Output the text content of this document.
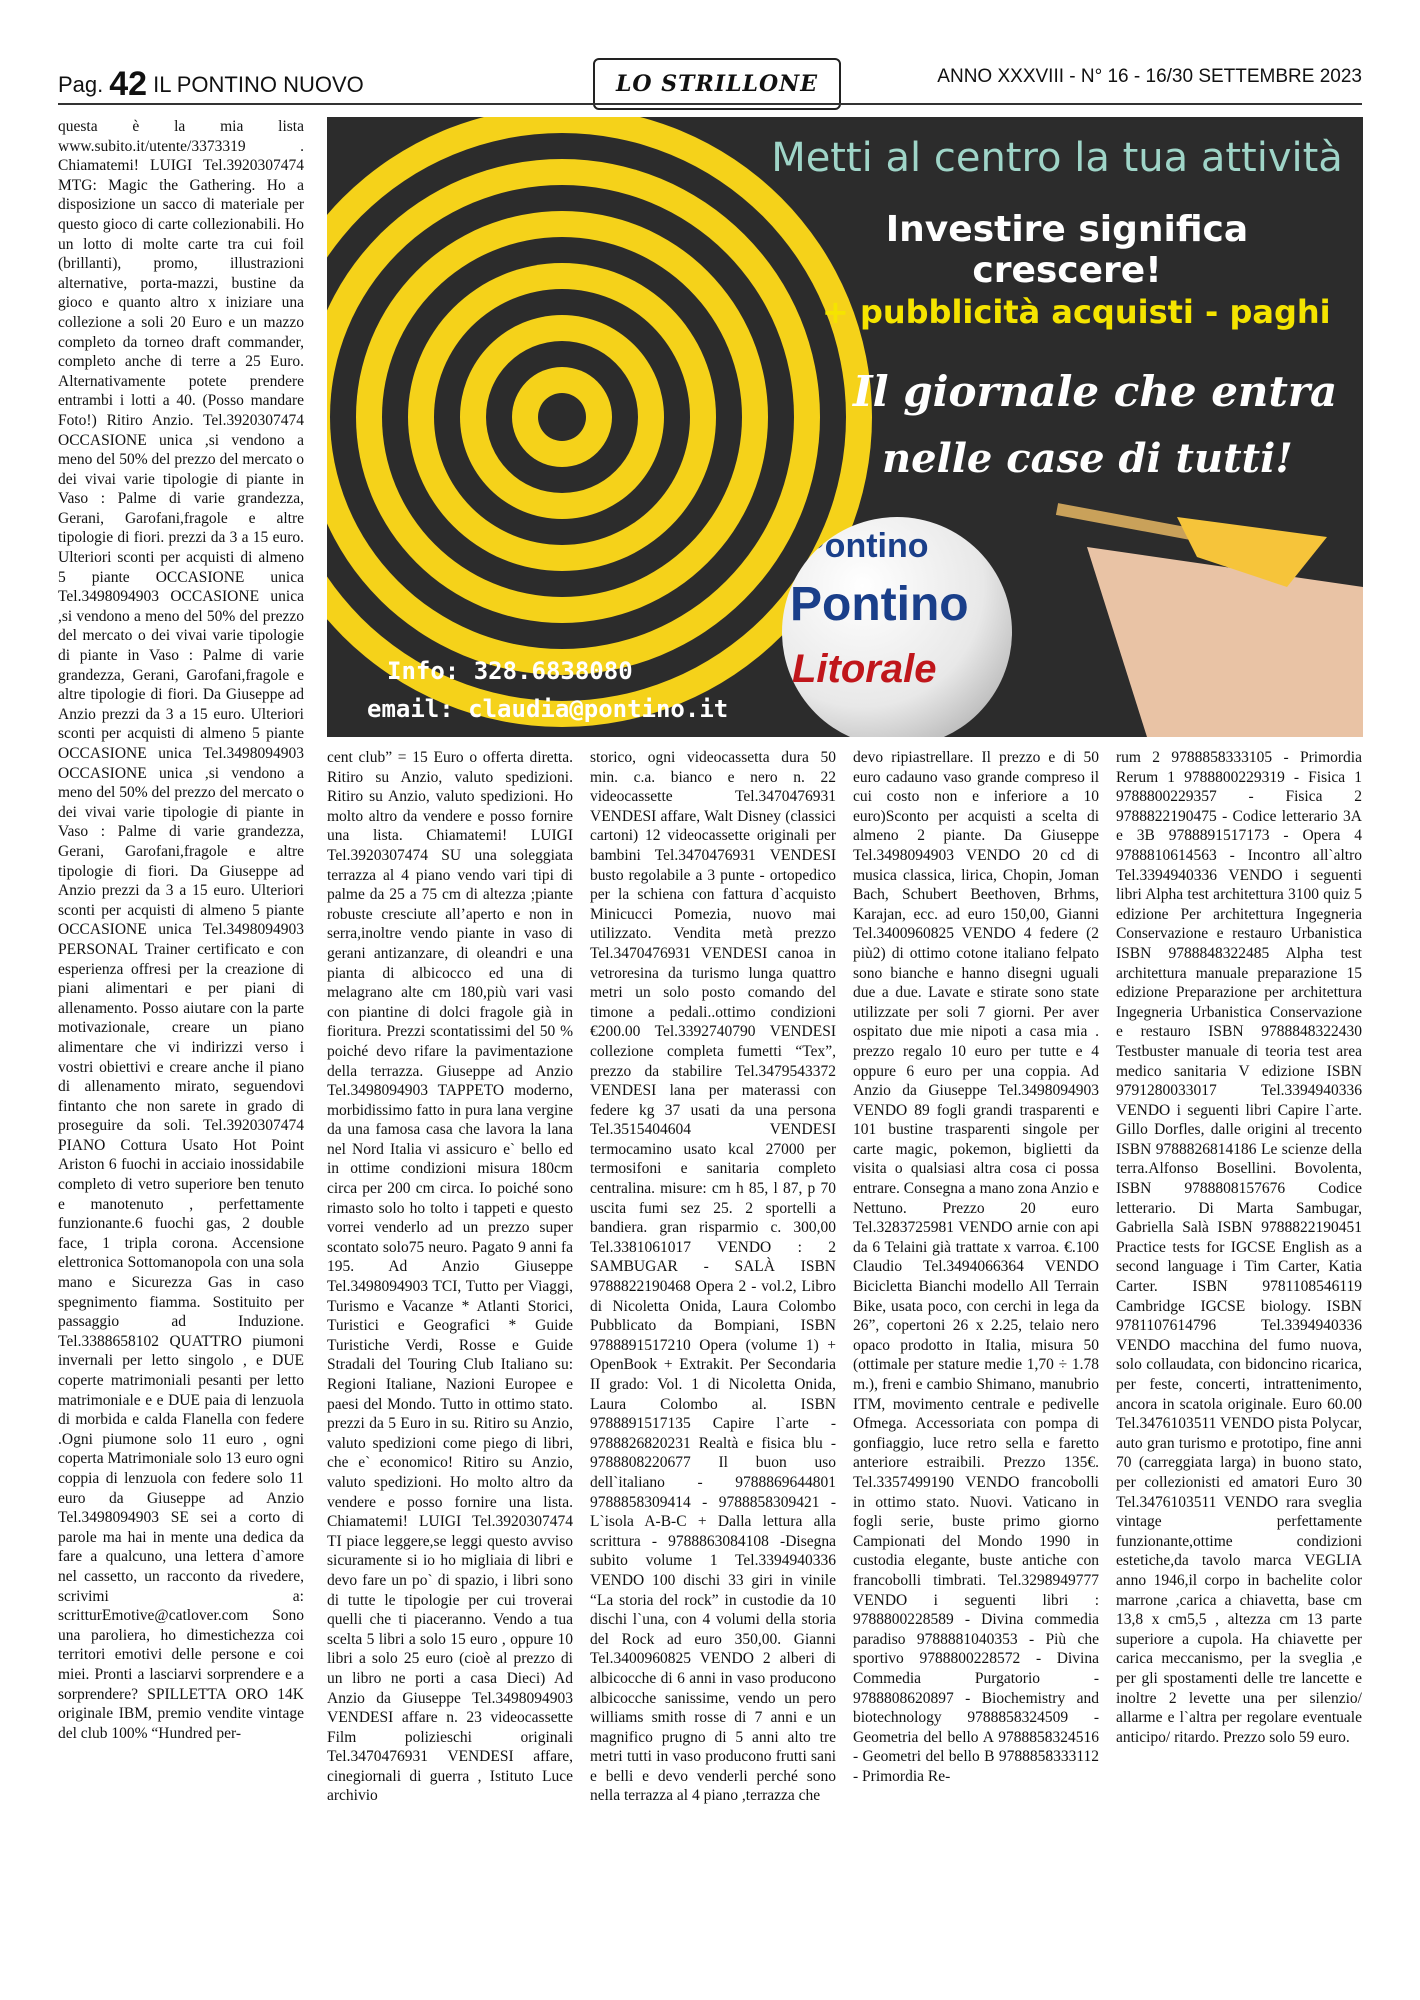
Pag. 42 IL PONTINO NUOVO	LO STRILLONE	ANNO XXXVIII - N° 16 - 16/30 SETTEMBRE 2023
Metti al centro la tua attività
Investire significa crescere!
+ pubblicità acquisti - paghi
Il giornale che entra
nelle case di tutti!
Pontino
Pontino
Litorale
Info: 328.6838080
email: claudia@pontino.it

questa è la mia lista www.subito.it/utente/3373319 . Chiamatemi! LUIGI Tel.3920307474 MTG: Magic the Gathering. Ho a disposizione un sacco di materiale per questo gioco di carte collezionabili. Ho un lotto di molte carte tra cui foil (brillanti), promo, illustrazioni alternative, porta-mazzi, bustine da gioco e quanto altro x iniziare una collezione a soli 20 Euro e un mazzo completo da torneo draft commander, completo anche di terre a 25 Euro. Alternativamente potete prendere entrambi i lotti a 40. (Posso mandare Foto!) Ritiro Anzio. Tel.3920307474 OCCASIONE unica ,si vendono a meno del 50% del prezzo del mercato o dei vivai varie tipologie di piante in Vaso : Palme di varie grandezza, Gerani, Garofani,fragole e altre tipologie di fiori. prezzi da 3 a 15 euro. Ulteriori sconti per acquisti di almeno 5 piante OCCASIONE unica Tel.3498094903 OCCASIONE unica ,si vendono a meno del 50% del prezzo del mercato o dei vivai varie tipologie di piante in Vaso : Palme di varie grandezza, Gerani, Garofani,fragole e altre tipologie di fiori. Da Giuseppe ad Anzio prezzi da 3 a 15 euro. Ulteriori sconti per acquisti di almeno 5 piante OCCASIONE unica Tel.3498094903 OCCASIONE unica ,si vendono a meno del 50% del prezzo del mercato o dei vivai varie tipologie di piante in Vaso : Palme di varie grandezza, Gerani, Garofani,fragole e altre tipologie di fiori. Da Giuseppe ad Anzio prezzi da 3 a 15 euro. Ulteriori sconti per acquisti di almeno 5 piante OCCASIONE unica Tel.3498094903 PERSONAL Trainer certificato e con esperienza offresi per la creazione di piani alimentari e per piani di allenamento. Posso aiutare con la parte motivazionale, creare un piano alimentare che vi indirizzi verso i vostri obiettivi e creare anche il piano di allenamento mirato, seguendovi fintanto che non sarete in grado di proseguire da soli. Tel.3920307474 PIANO Cottura Usato Hot Point Ariston 6 fuochi in acciaio inossidabile completo di vetro superiore ben tenuto e manotenuto , perfettamente funzionante.6 fuochi gas, 2 double face, 1 tripla corona. Accensione elettronica Sottomanopola con una sola mano e Sicurezza Gas in caso spegnimento fiamma. Sostituito per passaggio ad Induzione. Tel.3388658102 QUATTRO piumoni invernali per letto singolo , e DUE coperte matrimoniali pesanti per letto matrimoniale e e DUE paia di lenzuola di morbida e calda Flanella con federe .Ogni piumone solo 11 euro , ogni coperta Matrimoniale solo 13 euro ogni coppia di lenzuola con federe solo 11 euro da Giuseppe ad Anzio Tel.3498094903 SE sei a corto di parole ma hai in mente una dedica da fare a qualcuno, una lettera d`amore nel cassetto, un racconto da rivedere, scrivimi a: scritturEmotive@catlover.com Sono una paroliera, ho dimestichezza coi territori emotivi delle persone e coi miei. Pronti a lasciarvi sorprendere e a sorprendere? SPILLETTA ORO 14K originale IBM, premio vendite vintage del club 100% “Hundred per-

cent club” = 15 Euro o offerta diretta. Ritiro su Anzio, valuto spedizioni. Ritiro su Anzio, valuto spedizioni. Ho molto altro da vendere e posso fornire una lista. Chiamatemi! LUIGI Tel.3920307474 SU una soleggiata terrazza al 4 piano vendo vari tipi di palme da 25 a 75 cm di altezza ;piante robuste cresciute all’aperto e non in serra,inoltre vendo piante in vaso di gerani antizanzare, di oleandri e una pianta di albicocco ed una di melagrano alte cm 180,più vari vasi con piantine di dolci fragole già in fioritura. Prezzi scontatissimi del 50 % poiché devo rifare la pavimentazione della terrazza. Giuseppe ad Anzio Tel.3498094903 TAPPETO moderno, morbidissimo fatto in pura lana vergine da una famosa casa che lavora la lana nel Nord Italia vi assicuro e` bello ed in ottime condizioni misura 180cm circa per 200 cm circa. Io poiché sono rimasto solo ho tolto i tappeti e questo vorrei venderlo ad un prezzo super scontato solo75 neuro. Pagato 9 anni fa 195. Ad Anzio Giuseppe Tel.3498094903 TCI, Tutto per Viaggi, Turismo e Vacanze * Atlanti Storici, Turistici e Geografici * Guide Turistiche Verdi, Rosse e Guide Stradali del Touring Club Italiano su: Regioni Italiane, Nazioni Europee e paesi del Mondo. Tutto in ottimo stato. prezzi da 5 Euro in su. Ritiro su Anzio, valuto spedizioni come piego di libri, che e` economico! Ritiro su Anzio, valuto spedizioni. Ho molto altro da vendere e posso fornire una lista. Chiamatemi! LUIGI Tel.3920307474 TI piace leggere,se leggi questo avviso sicuramente si io ho migliaia di libri e devo fare un po` di spazio, i libri sono di tutte le tipologie per cui troverai quelli che ti piaceranno. Vendo a tua scelta 5 libri a solo 15 euro , oppure 10 libri a solo 25 euro (cioè al prezzo di un libro ne porti a casa Dieci) Ad Anzio da Giuseppe Tel.3498094903 VENDESI affare n. 23 videocassette Film polizieschi originali Tel.3470476931 VENDESI affare, cinegiornali di guerra , Istituto Luce archivio

storico, ogni videocassetta dura 50 min. c.a. bianco e nero n. 22 videocassette Tel.3470476931 VENDESI affare, Walt Disney (classici cartoni) 12 videocassette originali per bambini Tel.3470476931 VENDESI busto regolabile a 3 punte - ortopedico per la schiena con fattura d`acquisto Minicucci Pomezia, nuovo mai utilizzato. Vendita metà prezzo Tel.3470476931 VENDESI canoa in vetroresina da turismo lunga quattro metri un solo posto comando del timone a pedali..ottimo condizioni €200.00 Tel.3392740790 VENDESI collezione completa fumetti “Tex”, prezzo da stabilire Tel.3479543372 VENDESI lana per materassi con federe kg 37 usati da una persona Tel.3515404604 VENDESI termocamino usato kcal 27000 per termosifoni e sanitaria completo centralina. misure: cm h 85, l 87, p 70 uscita fumi sez 25. 2 sportelli a bandiera. gran risparmio c. 300,00 Tel.3381061017 VENDO : 2 SAMBUGAR - SALÀ ISBN 9788822190468 Opera 2 - vol.2, Libro di Nicoletta Onida, Laura Colombo Pubblicato da Bompiani, ISBN 9788891517210 Opera (volume 1) + OpenBook + Extrakit. Per Secondaria II grado: Vol. 1 di Nicoletta Onida, Laura Colombo al. ISBN 9788891517135 Capire l`arte - 9788826820231 Realtà e fisica blu - 9788808220677 Il buon uso dell`italiano - 9788869644801 9788858309414 - 9788858309421 - L`isola A-B-C + Dalla lettura alla scrittura - 9788863084108 -Disegna subito volume 1 Tel.3394940336 VENDO 100 dischi 33 giri in vinile “La storia del rock” in custodie da 10 dischi l`una, con 4 volumi della storia del Rock ad euro 350,00. Gianni Tel.3400960825 VENDO 2 alberi di albicocche di 6 anni in vaso producono albicocche sanissime, vendo un pero williams smith rosse di 7 anni e un magnifico prugno di 5 anni alto tre metri tutti in vaso producono frutti sani e belli e devo venderli perché sono nella terrazza al 4 piano ,terrazza che

devo ripiastrellare. Il prezzo e di 50 euro cadauno vaso grande compreso il cui costo non e inferiore a 10 euro)Sconto per acquisti a scelta di almeno 2 piante. Da Giuseppe Tel.3498094903 VENDO 20 cd di musica classica, lirica, Chopin, Joman Bach, Schubert Beethoven, Brhms, Karajan, ecc. ad euro 150,00, Gianni Tel.3400960825 VENDO 4 federe (2 più2) di ottimo cotone italiano felpato sono bianche e hanno disegni uguali due a due. Lavate e stirate sono state utilizzate per soli 7 giorni. Per aver ospitato due mie nipoti a casa mia . prezzo regalo 10 euro per tutte e 4 oppure 6 euro per una coppia. Ad Anzio da Giuseppe Tel.3498094903 VENDO 89 fogli grandi trasparenti e 101 bustine trasparenti singole per carte magic, pokemon, biglietti da visita o qualsiasi altra cosa ci possa entrare. Consegna a mano zona Anzio e Nettuno. Prezzo 20 euro Tel.3283725981 VENDO arnie con api da 6 Telaini già trattate x varroa. €.100 Claudio Tel.3494066364 VENDO Bicicletta Bianchi modello All Terrain Bike, usata poco, con cerchi in lega da 26”, copertoni 26 x 2.25, telaio nero opaco prodotto in Italia, misura 50 (ottimale per stature medie 1,70 ÷ 1.78 m.), freni e cambio Shimano, manubrio ITM, movimento centrale e pedivelle Ofmega. Accessoriata con pompa di gonfiaggio, luce retro sella e faretto anteriore estraibili. Prezzo 135€. Tel.3357499190 VENDO francobolli in ottimo stato. Nuovi. Vaticano in fogli serie, buste primo giorno Campionati del Mondo 1990 in custodia elegante, buste antiche con francobolli timbrati. Tel.3298949777 VENDO i seguenti libri : 9788800228589 - Divina commedia paradiso 9788881040353 - Più che sportivo 9788800228572 - Divina Commedia Purgatorio - 9788808620897 - Biochemistry and biotechnology 9788858324509 - Geometria del bello A 9788858324516 - Geometri del bello B 9788858333112 - Primordia Re-

rum 2 9788858333105 - Primordia Rerum 1 9788800229319 - Fisica 1 9788800229357 - Fisica 2 9788822190475 - Codice letterario 3A e 3B 9788891517173 - Opera 4 9788810614563 - Incontro all`altro Tel.3394940336 VENDO i seguenti libri Alpha test architettura 3100 quiz 5 edizione Per architettura Ingegneria Conservazione e restauro Urbanistica ISBN 9788848322485 Alpha test architettura manuale preparazione 15 edizione Preparazione per architettura Ingegneria Urbanistica Conservazione e restauro ISBN 9788848322430 Testbuster manuale di teoria test area medico sanitaria V edizione ISBN 9791280033017 Tel.3394940336 VENDO i seguenti libri Capire l`arte. Gillo Dorfles, dalle origini al trecento ISBN 9788826814186 Le scienze della terra.Alfonso Bosellini. Bovolenta, ISBN 9788808157676 Codice letterario. Di Marta Sambugar, Gabriella Salà ISBN 9788822190451 Practice tests for IGCSE English as a second language i Tim Carter, Katia Carter. ISBN 9781108546119 Cambridge IGCSE biology. ISBN 9781107614796 Tel.3394940336 VENDO macchina del fumo nuova, solo collaudata, con bidoncino ricarica, per feste, concerti, intrattenimento, ancora in scatola originale. Euro 60.00 Tel.3476103511 VENDO pista Polycar, auto gran turismo e prototipo, fine anni 70 (carreggiata larga) in buono stato, per collezionisti ed amatori Euro 30 Tel.3476103511 VENDO rara sveglia vintage perfettamente funzionante,ottime condizioni estetiche,da tavolo marca VEGLIA anno 1946,il corpo in bachelite color marrone ,carica a chiavetta, base cm 13,8 x cm5,5 , altezza cm 13 parte superiore a cupola. Ha chiavette per carica meccanismo, per la sveglia ,e per gli spostamenti delle tre lancette e inoltre 2 levette una per silenzio/ allarme e l`altra per regolare eventuale anticipo/ ritardo. Prezzo solo 59 euro.
